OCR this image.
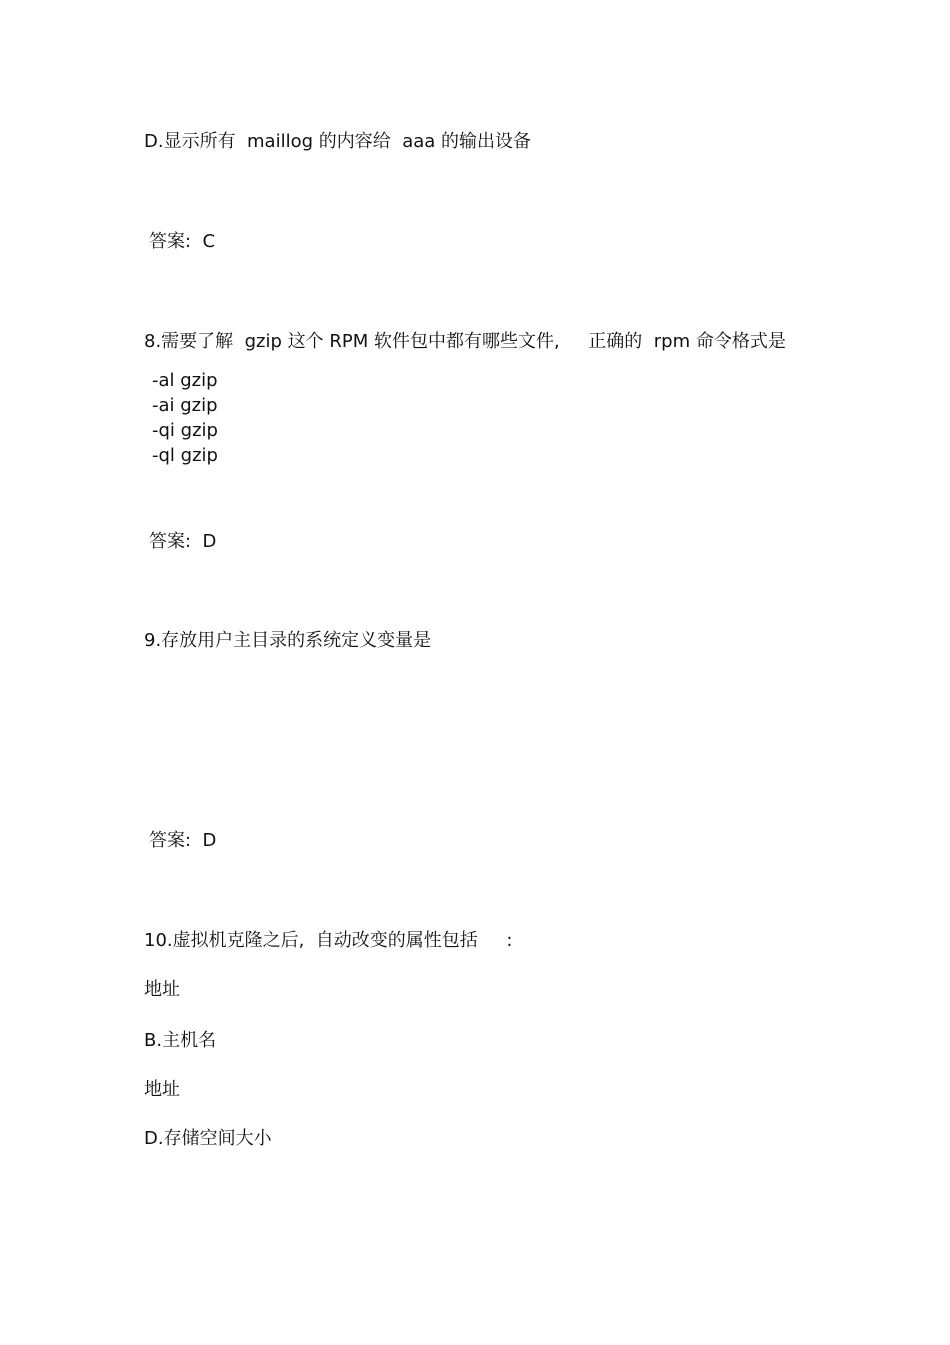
D.显示所有  maillog 的内容给  aaa 的输出设备
答案:  C
8.需要了解  gzip 这个 RPM 软件包中都有哪些文件,     正确的  rpm 命令格式是
-al gzip
-ai gzip
-qi gzip
-ql gzip
答案:  D
9.存放用户主目录的系统定义变量是
答案:  D
10.虚拟机克隆之后,  自动改变的属性包括     :
地址
B.主机名
地址
D.存储空间大小
